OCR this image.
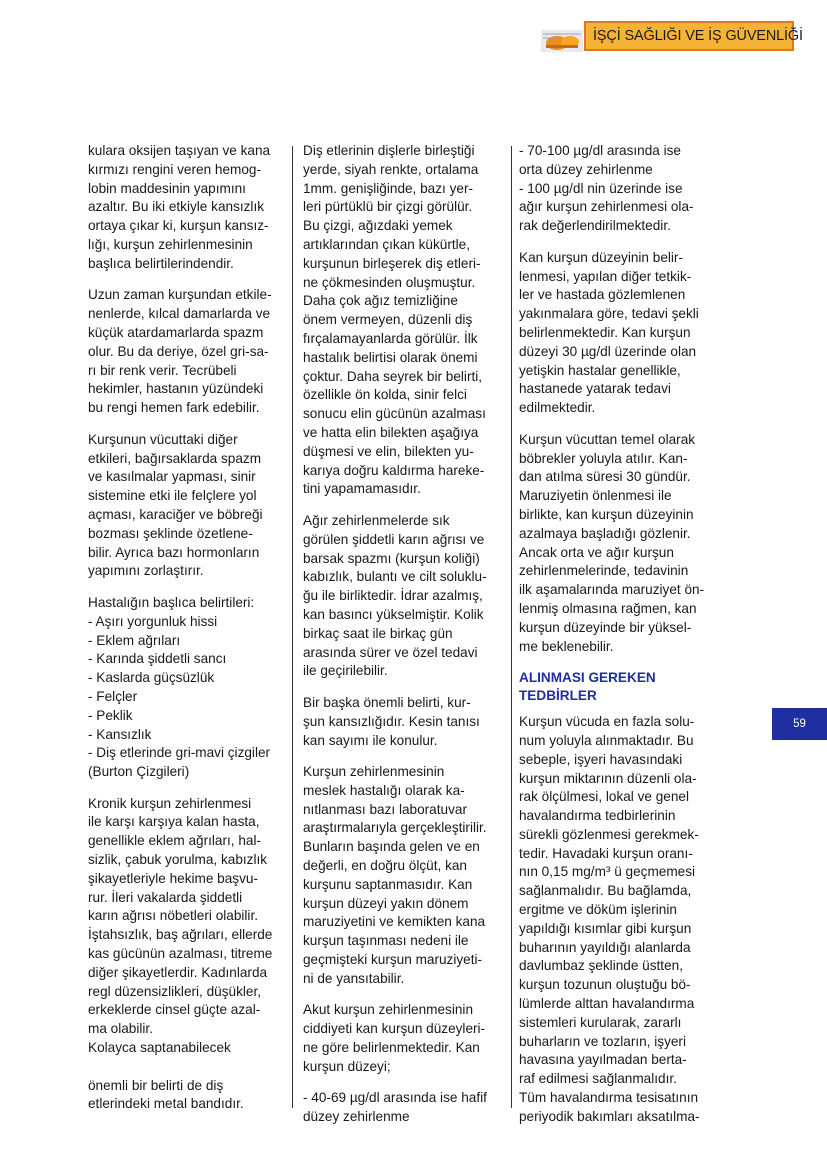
İŞÇİ SAĞLIĞI VE İŞ GÜVENLİĞİ
59

kulara oksijen taşıyan ve kana
kırmızı rengini veren hemog-
lobin maddesinin yapımını
azaltır. Bu iki etkiyle kansızlık
ortaya çıkar ki, kurşun kansız-
lığı, kurşun zehirlenmesinin
başlıca belirtilerindendir.

Uzun zaman kurşundan etkile-
nenlerde, kılcal damarlarda ve
küçük atardamarlarda spazm
olur. Bu da deriye, özel gri-sa-
rı bir renk verir. Tecrübeli
hekimler, hastanın yüzündeki
bu rengi hemen fark edebilir.

Kurşunun vücuttaki diğer
etkileri, bağırsaklarda spazm
ve kasılmalar yapması, sinir
sistemine etki ile felçlere yol
açması, karaciğer ve böbreği
bozması şeklinde özetlene-
bilir. Ayrıca bazı hormonların
yapımını zorlaştırır.

Hastalığın başlıca belirtileri:
- Aşırı yorgunluk hissi
- Eklem ağrıları
- Karında şiddetli sancı
- Kaslarda güçsüzlük
- Felçler
- Peklik
- Kansızlık
- Diş etlerinde gri-mavi çizgiler
(Burton Çizgileri)

Kronik kurşun zehirlenmesi
ile karşı karşıya kalan hasta,
genellikle eklem ağrıları, hal-
sizlik, çabuk yorulma, kabızlık
şikayetleriyle hekime başvu-
rur. İleri vakalarda şiddetli
karın ağrısı nöbetleri olabilir.
İştahsızlık, baş ağrıları, ellerde
kas gücünün azalması, titreme
diğer şikayetlerdir. Kadınlarda
regl düzensizlikleri, düşükler,
erkeklerde cinsel güçte azal-
ma olabilir.
Kolayca saptanabilecek

önemli bir belirti de diş
etlerindeki metal bandıdır.

Diş etlerinin dişlerle birleştiği
yerde, siyah renkte, ortalama
1mm. genişliğinde, bazı yer-
leri pürtüklü bir çizgi görülür.
Bu çizgi, ağızdaki yemek
artıklarından çıkan kükürtle,
kurşunun birleşerek diş etleri-
ne çökmesinden oluşmuştur.
Daha çok ağız temizliğine
önem vermeyen, düzenli diş
fırçalamayanlarda görülür. İlk
hastalık belirtisi olarak önemi
çoktur. Daha seyrek bir belirti,
özellikle ön kolda, sinir felci
sonucu elin gücünün azalması
ve hatta elin bilekten aşağıya
düşmesi ve elin, bilekten yu-
karıya doğru kaldırma hareke-
tini yapamamasıdır.

Ağır zehirlenmelerde sık
görülen şiddetli karın ağrısı ve
barsak spazmı (kurşun koliği)
kabızlık, bulantı ve cilt soluklu-
ğu ile birliktedir. İdrar azalmış,
kan basıncı yükselmiştir. Kolik
birkaç saat ile birkaç gün
arasında sürer ve özel tedavi
ile geçirilebilir.

Bir başka önemli belirti, kur-
şun kansızlığıdır. Kesin tanısı
kan sayımı ile konulur.

Kurşun zehirlenmesinin
meslek hastalığı olarak ka-
nıtlanması bazı laboratuvar
araştırmalarıyla gerçekleştirilir.
Bunların başında gelen ve en
değerli, en doğru ölçüt, kan
kurşunu saptanmasıdır. Kan
kurşun düzeyi yakın dönem
maruziyetini ve kemikten kana
kurşun taşınması nedeni ile
geçmişteki kurşun maruziyeti-
ni de yansıtabilir.

Akut kurşun zehirlenmesinin
ciddiyeti kan kurşun düzeyleri-
ne göre belirlenmektedir. Kan
kurşun düzeyi;

- 40-69 µg/dl arasında ise hafif
düzey zehirlenme

- 70-100 µg/dl arasında ise
orta düzey zehirlenme
- 100 µg/dl nin üzerinde ise
ağır kurşun zehirlenmesi ola-
rak değerlendirilmektedir.

Kan kurşun düzeyinin belir-
lenmesi, yapılan diğer tetkik-
ler ve hastada gözlemlenen
yakınmalara göre, tedavi şekli
belirlenmektedir. Kan kurşun
düzeyi 30 µg/dl üzerinde olan
yetişkin hastalar genellikle,
hastanede yatarak tedavi
edilmektedir.

Kurşun vücuttan temel olarak
böbrekler yoluyla atılır. Kan-
dan atılma süresi 30 gündür.
Maruziyetin önlenmesi ile
birlikte, kan kurşun düzeyinin
azalmaya başladığı gözlenir.
Ancak orta ve ağır kurşun
zehirlenmelerinde, tedavinin
ilk aşamalarında maruziyet ön-
lenmiş olmasına rağmen, kan
kurşun düzeyinde bir yüksel-
me beklenebilir.

ALINMASI GEREKEN
TEDBİRLER

Kurşun vücuda en fazla solu-
num yoluyla alınmaktadır. Bu
sebeple, işyeri havasındaki
kurşun miktarının düzenli ola-
rak ölçülmesi, lokal ve genel
havalandırma tedbirlerinin
sürekli gözlenmesi gerekmek-
tedir. Havadaki kurşun oranı-
nın 0,15 mg/m³ ü geçmemesi
sağlanmalıdır. Bu bağlamda,
ergitme ve döküm işlerinin
yapıldığı kısımlar gibi kurşun
buharının yayıldığı alanlarda
davlumbaz şeklinde üstten,
kurşun tozunun oluştuğu bö-
lümlerde alttan havalandırma
sistemleri kurularak, zararlı
buharların ve tozların, işyeri
havasına yayılmadan berta-
raf edilmesi sağlanmalıdır.
Tüm havalandırma tesisatının
periyodik bakımları aksatılma-
